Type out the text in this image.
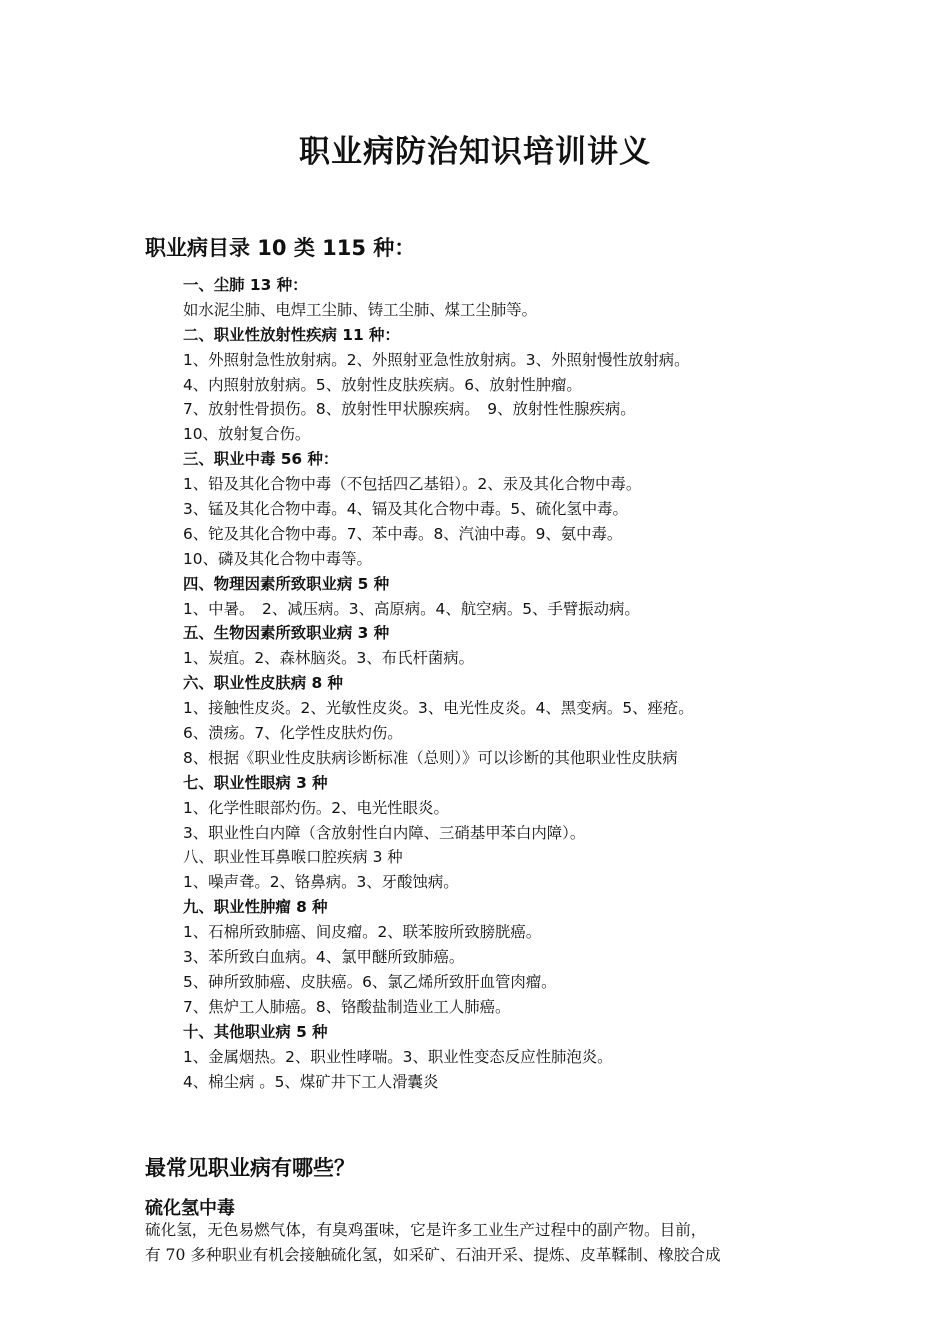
职业病防治知识培训讲义
职业病目录 10 类 115 种：
一、尘肺 13 种：
如水泥尘肺、电焊工尘肺、铸工尘肺、煤工尘肺等。
二、职业性放射性疾病 11 种：
1、外照射急性放射病。2、外照射亚急性放射病。3、外照射慢性放射病。
4、内照射放射病。5、放射性皮肤疾病。6、放射性肿瘤。
7、放射性骨损伤。8、放射性甲状腺疾病。　9、放射性性腺疾病。
10、放射复合伤。
三、职业中毒 56 种：
1、铅及其化合物中毒（不包括四乙基铅）。2、汞及其化合物中毒。
3、锰及其化合物中毒。4、镉及其化合物中毒。5、硫化氢中毒。
6、铊及其化合物中毒。7、苯中毒。8、汽油中毒。9、氨中毒。
10、磷及其化合物中毒等。
四、物理因素所致职业病 5 种
1、中暑。　2、减压病。3、高原病。4、航空病。5、手臂振动病。
五、生物因素所致职业病 3 种
1、炭疽。2、森林脑炎。3、布氏杆菌病。
六、职业性皮肤病 8 种
1、接触性皮炎。2、光敏性皮炎。3、电光性皮炎。4、黑变病。5、痤疮。
6、溃疡。7、化学性皮肤灼伤。
8、根据《职业性皮肤病诊断标准（总则）》可以诊断的其他职业性皮肤病
七、职业性眼病 3 种
1、化学性眼部灼伤。2、电光性眼炎。
3、职业性白内障（含放射性白内障、三硝基甲苯白内障）。
八、职业性耳鼻喉口腔疾病 3 种
1、噪声聋。2、铬鼻病。3、牙酸蚀病。
九、职业性肿瘤 8 种
1、石棉所致肺癌、间皮瘤。2、联苯胺所致膀胱癌。
3、苯所致白血病。4、氯甲醚所致肺癌。
5、砷所致肺癌、皮肤癌。6、氯乙烯所致肝血管肉瘤。
7、焦炉工人肺癌。8、铬酸盐制造业工人肺癌。
十、其他职业病 5 种
1、金属烟热。2、职业性哮喘。3、职业性变态反应性肺泡炎。
4、棉尘病 。5、煤矿井下工人滑囊炎
最常见职业病有哪些？
硫化氢中毒

硫化氢，无色易燃气体，有臭鸡蛋味，它是许多工业生产过程中的副产物。目前，
有 70 多种职业有机会接触硫化氢，如采矿、石油开采、提炼、皮革鞣制、橡胶合成
